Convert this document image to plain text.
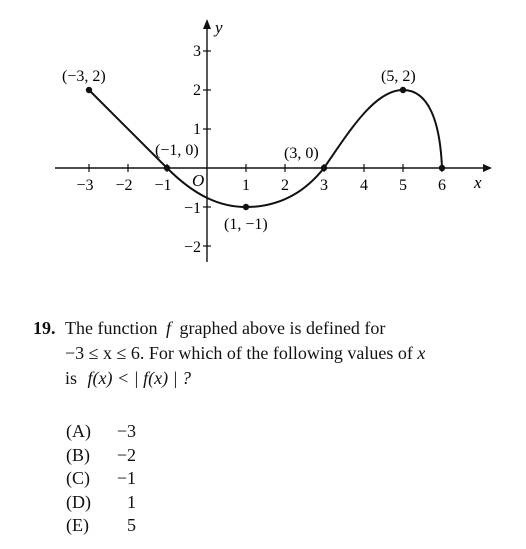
x
y
O
−3 −2 −1	1 2 3 4 5 6
3
2
1
−1
−2
(−3, 2)
(−1, 0)
(1, −1)
(3, 0)
(5, 2)
19. The function f graphed above is defined for
−3 ≤ x ≤ 6. For which of the following values of x
is f(x) < | f(x) | ?
(A)	−3
(B)	−2
(C)	−1
(D)	1
(E)	5
